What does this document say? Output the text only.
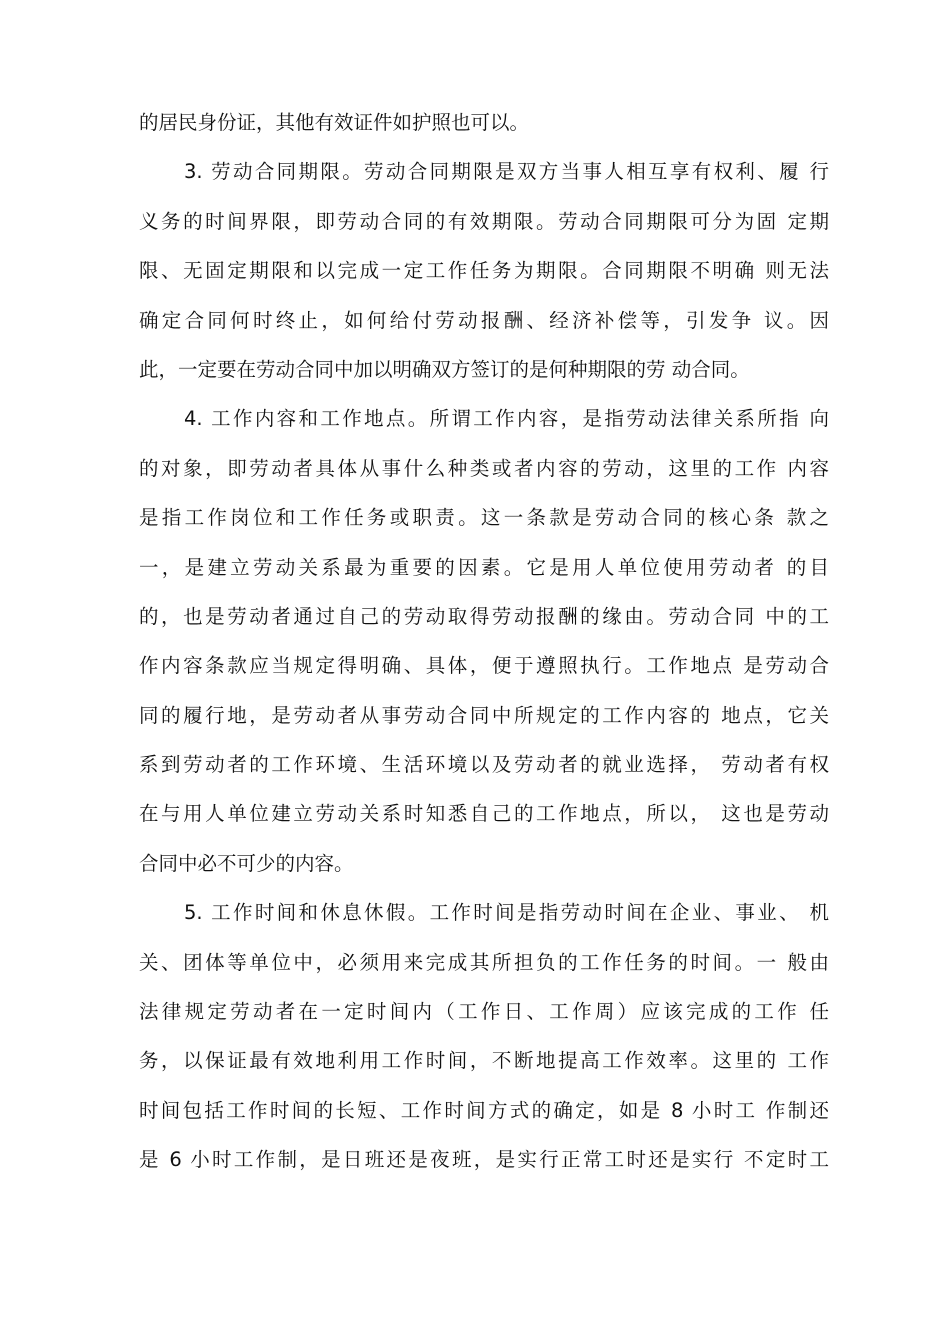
的居民身份证，其他有效证件如护照也可以。
3. 劳动合同期限。劳动合同期限是双方当事人相互享有权利、履 行
义务的时间界限，即劳动合同的有效期限。劳动合同期限可分为固 定期
限、无固定期限和以完成一定工作任务为期限。合同期限不明确 则无法
确定合同何时终止，如何给付劳动报酬、经济补偿等，引发争 议。因
此，一定要在劳动合同中加以明确双方签订的是何种期限的劳 动合同。
4. 工作内容和工作地点。所谓工作内容，是指劳动法律关系所指 向
的对象，即劳动者具体从事什么种类或者内容的劳动，这里的工作 内容
是指工作岗位和工作任务或职责。这一条款是劳动合同的核心条 款之
一，是建立劳动关系最为重要的因素。它是用人单位使用劳动者 的目
的，也是劳动者通过自己的劳动取得劳动报酬的缘由。劳动合同 中的工
作内容条款应当规定得明确、具体，便于遵照执行。工作地点 是劳动合
同的履行地，是劳动者从事劳动合同中所规定的工作内容的 地点，它关
系到劳动者的工作环境、生活环境以及劳动者的就业选择， 劳动者有权
在与用人单位建立劳动关系时知悉自己的工作地点，所以， 这也是劳动
合同中必不可少的内容。
5. 工作时间和休息休假。工作时间是指劳动时间在企业、事业、 机
关、团体等单位中，必须用来完成其所担负的工作任务的时间。一 般由
法律规定劳动者在一定时间内（工作日、工作周）应该完成的工作 任
务，以保证最有效地利用工作时间，不断地提高工作效率。这里的 工作
时间包括工作时间的长短、工作时间方式的确定，如是 8 小时工 作制还
是 6 小时工作制，是日班还是夜班，是实行正常工时还是实行 不定时工
